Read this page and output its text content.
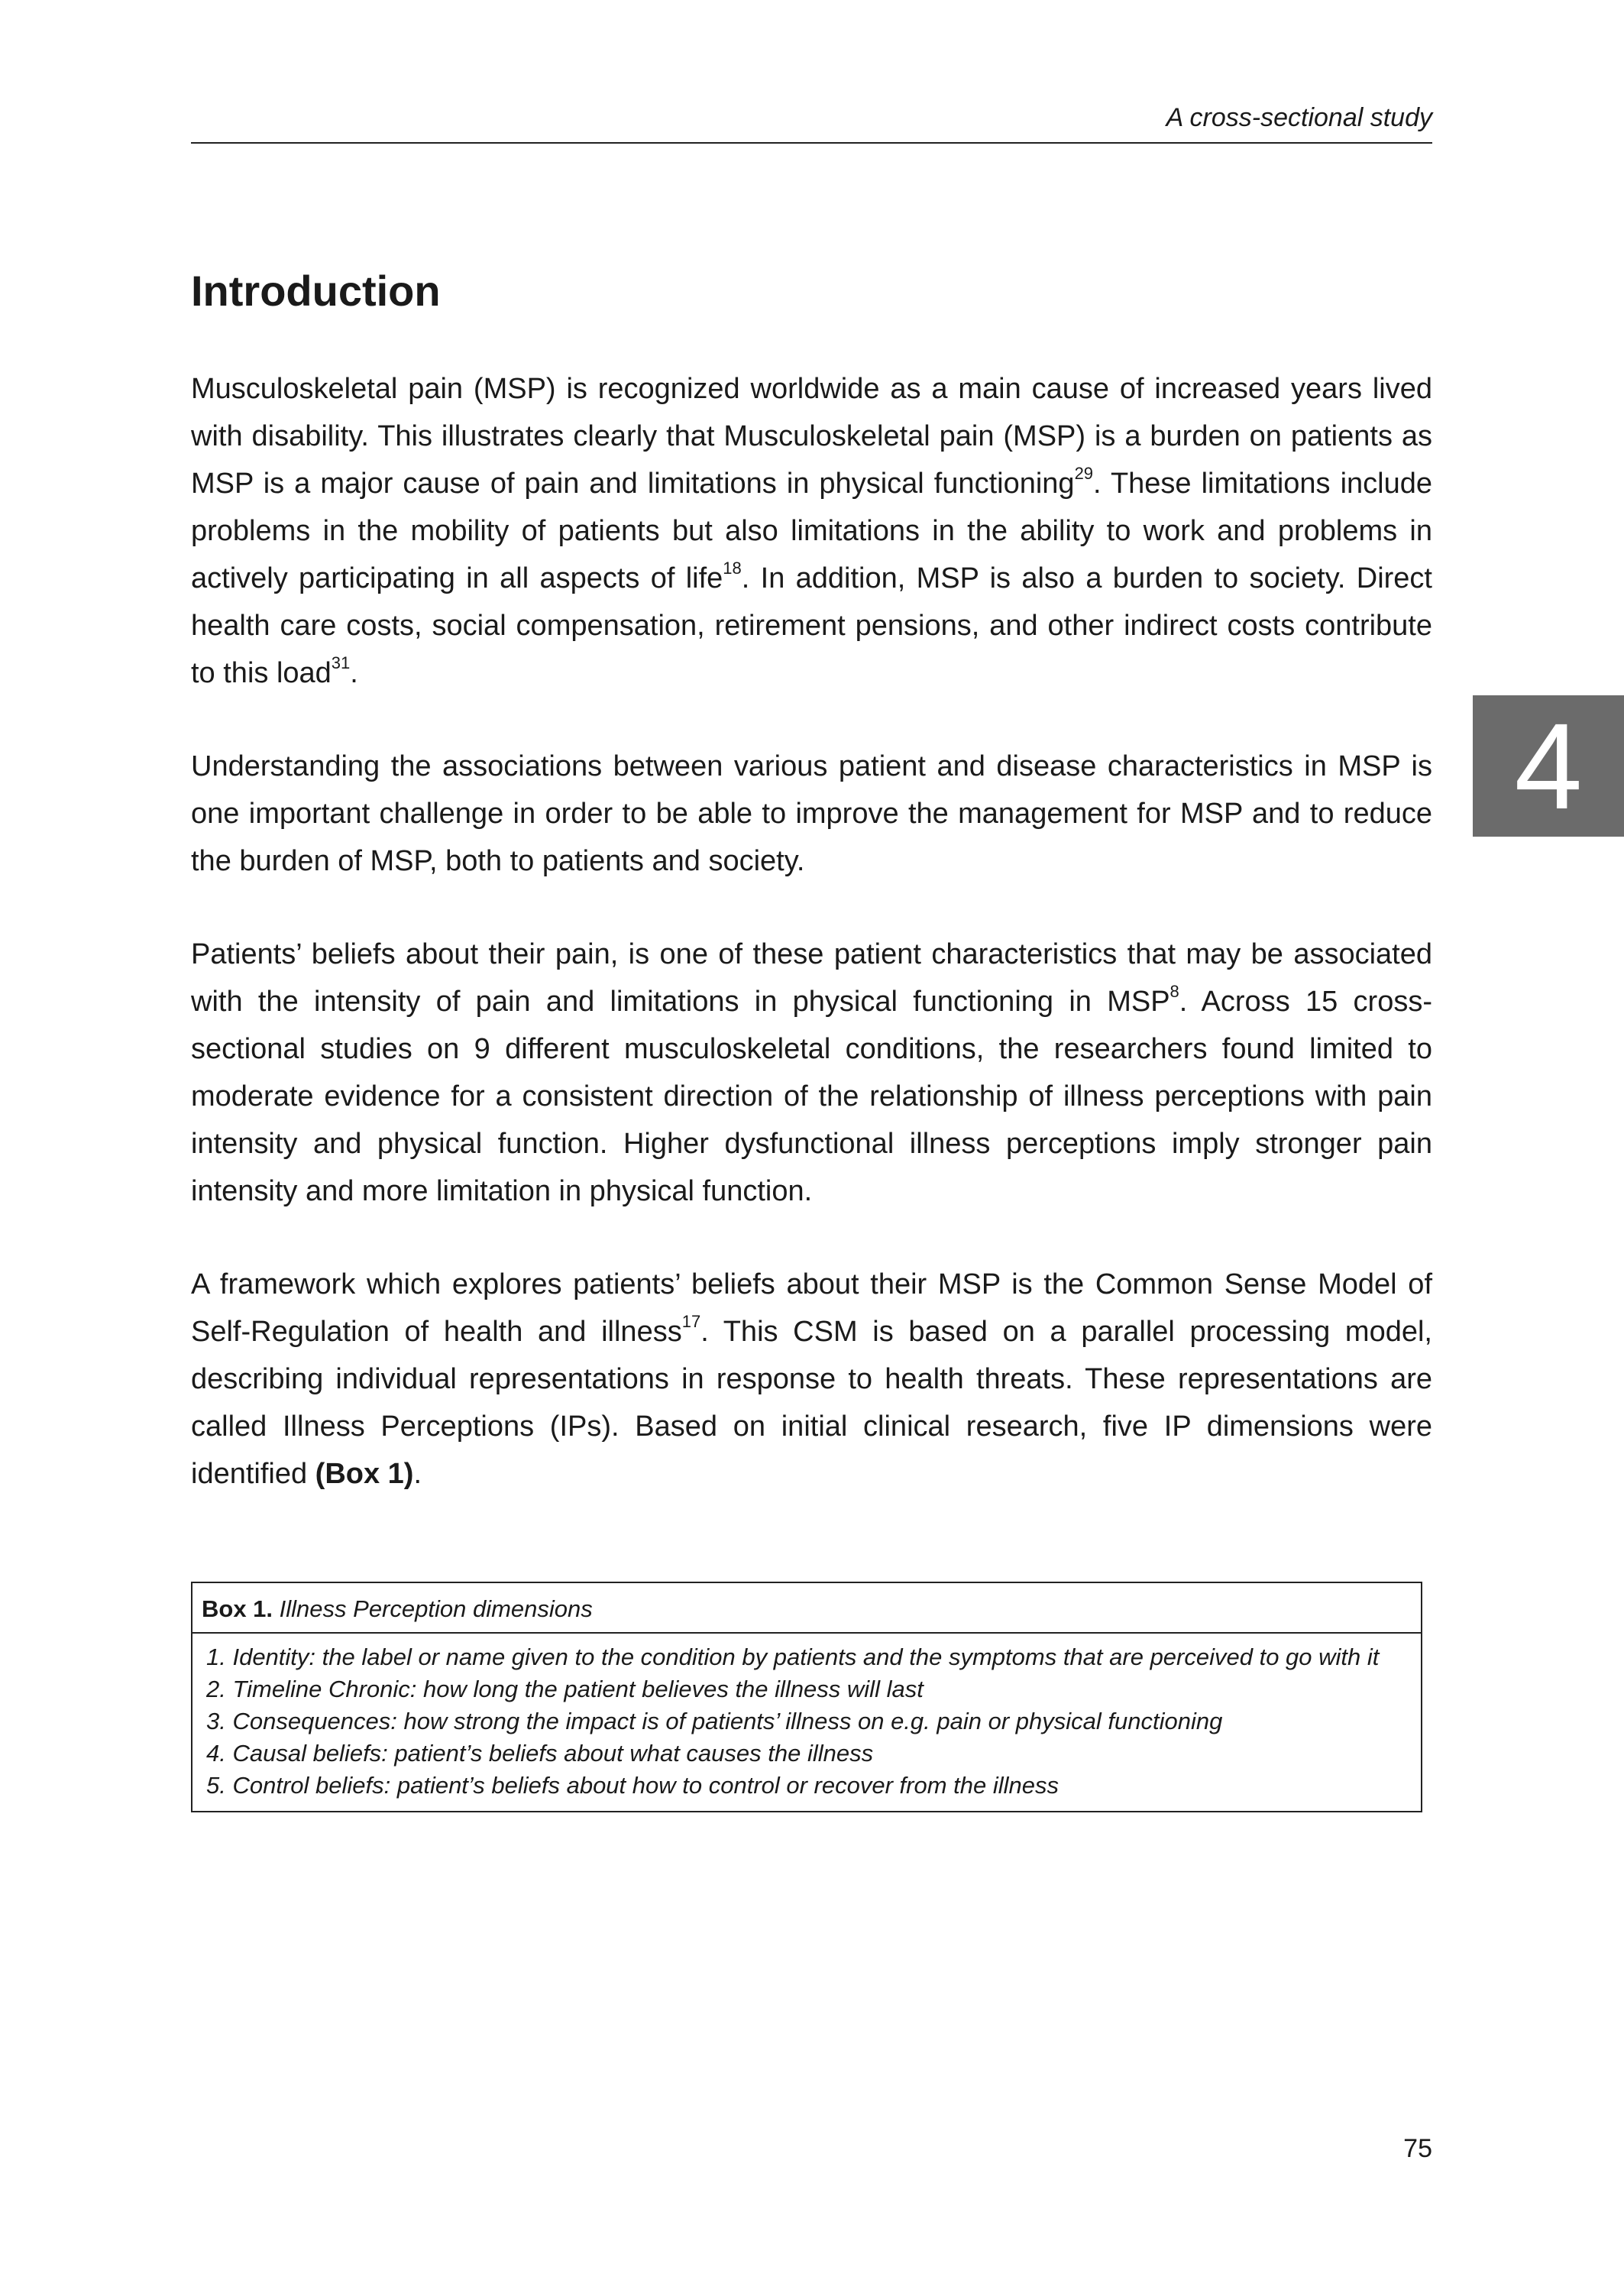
A cross-sectional study
Introduction
4

Musculoskeletal pain (MSP) is recognized worldwide as a main cause of increased years lived with disability. This illustrates clearly that Musculoskeletal pain (MSP) is a burden on patients as MSP is a major cause of pain and limitations in physical functioning$^{29}$. These limitations include problems in the mobility of patients but also limitations in the ability to work and problems in actively participating in all aspects of life$^{18}$. In addition, MSP is also a burden to society. Direct health care costs, social compensation, retirement pensions, and other indirect costs contribute to this load$^{31}$.

Understanding the associations between various patient and disease characteristics in MSP is one important challenge in order to be able to improve the management for MSP and to reduce the burden of MSP, both to patients and society.

Patients’ beliefs about their pain, is one of these patient characteristics that may be associated with the intensity of pain and limitations in physical functioning in MSP$^8$. Across 15 cross-sectional studies on 9 different musculoskeletal conditions, the researchers found limited to moderate evidence for a consistent direction of the relationship of illness perceptions with pain intensity and physical function. Higher dysfunctional illness perceptions imply stronger pain intensity and more limitation in physical function.

A framework which explores patients’ beliefs about their MSP is the Common Sense Model of Self-Regulation of health and illness$^{17}$. This CSM is based on a parallel processing model, describing individual representations in response to health threats. These representations are called Illness Perceptions (IPs). Based on initial clinical research, five IP dimensions were identified (Box 1).

Box 1. Illness Perception dimensions
1. Identity: the label or name given to the condition by patients and the symptoms that are perceived to go with it
2. Timeline Chronic: how long the patient believes the illness will last
3. Consequences: how strong the impact is of patients’ illness on e.g. pain or physical functioning
4. Causal beliefs: patient’s beliefs about what causes the illness
5. Control beliefs: patient’s beliefs about how to control or recover from the illness
75
